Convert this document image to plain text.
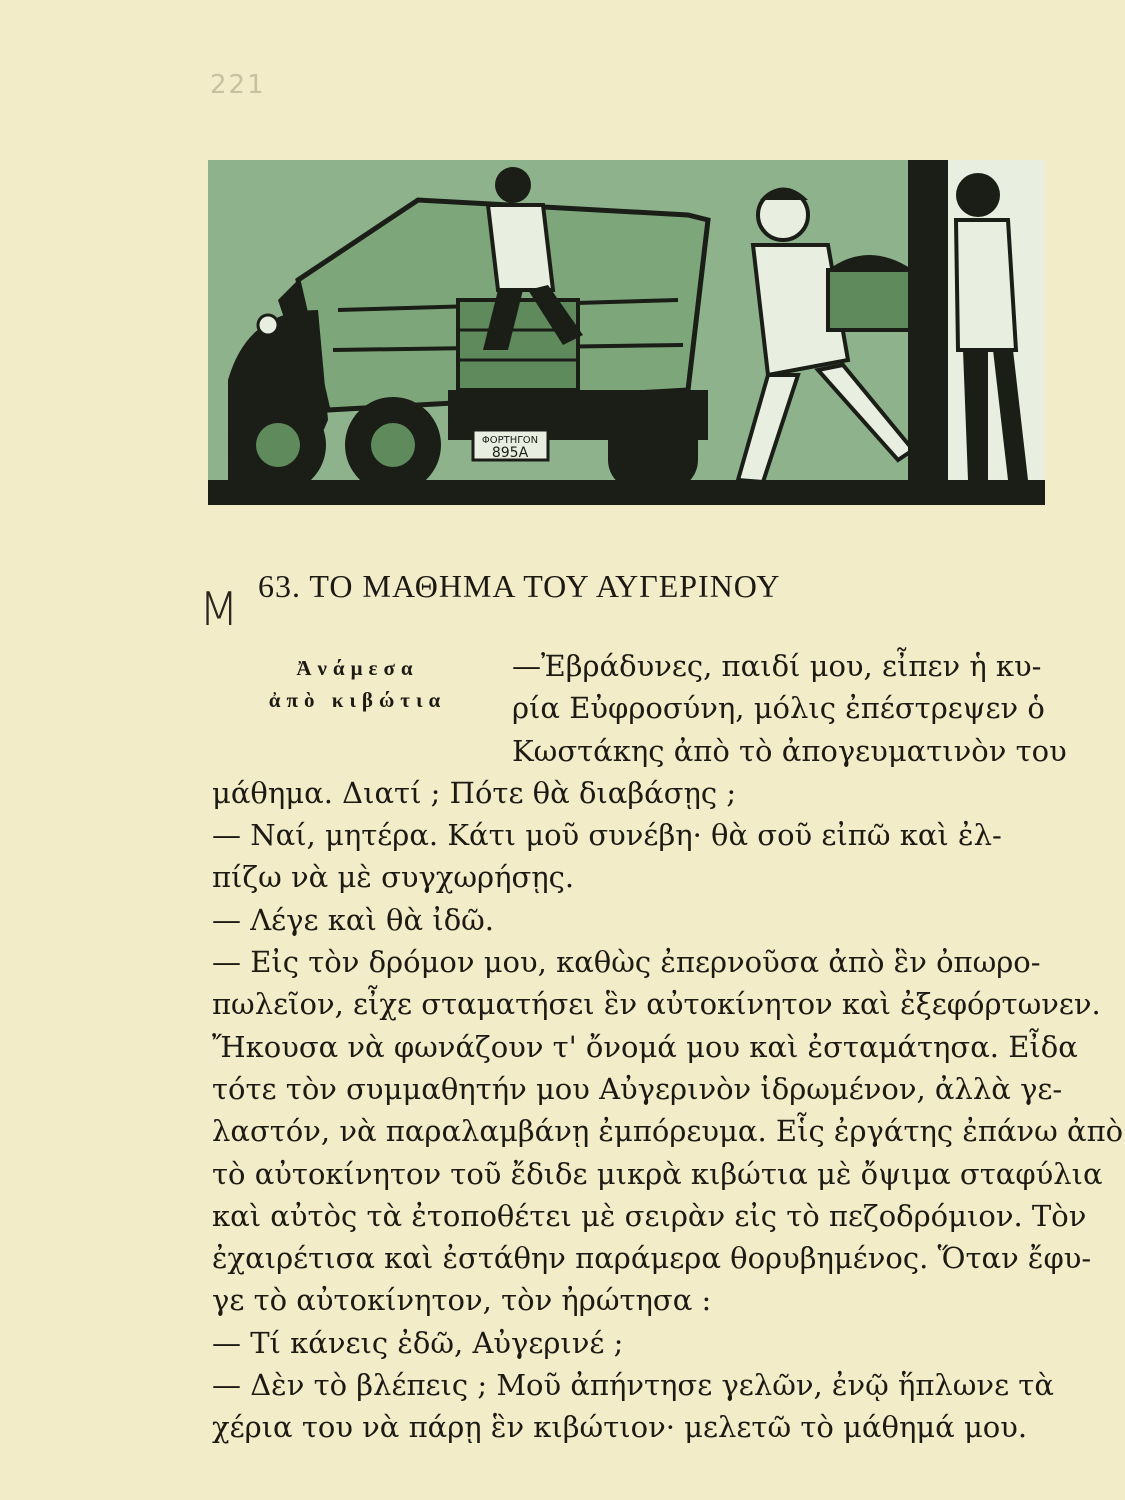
221
ΦΟΡΤΗΓΟΝ
895Α
M 63. ΤΟ ΜΑΘΗΜΑ ΤΟΥ ΑΥΓΕΡΙΝΟΥ
Ἀνάμεσα
ἀπὸ κιβώτια
—Ἐβράδυνες, παιδί μου, εἶπεν ἡ κυ-
ρία Εὐφροσύνη, μόλις ἐπέστρεψεν ὁ
Κωστάκης ἀπὸ τὸ ἀπογευματινὸν του
μάθημα. Διατί ; Πότε θὰ διαβάσῃς ;
— Ναί, μητέρα. Κάτι μοῦ συνέβη· θὰ σοῦ εἰπῶ καὶ ἐλ-
πίζω νὰ μὲ συγχωρήσῃς.
— Λέγε καὶ θὰ ἰδῶ.
— Εἰς τὸν δρόμον μου, καθὼς ἐπερνοῦσα ἀπὸ ἓν ὀπωρο-
πωλεῖον, εἶχε σταματήσει ἓν αὐτοκίνητον καὶ ἐξεφόρτωνεν.
Ἤκουσα νὰ φωνάζουν τ' ὄνομά μου καὶ ἐσταμάτησα. Εἶδα
τότε τὸν συμμαθητήν μου Αὐγερινὸν ἱδρωμένον, ἀλλὰ γε-
λαστόν, νὰ παραλαμβάνῃ ἐμπόρευμα. Εἷς ἐργάτης ἐπάνω ἀπὸ
τὸ αὐτοκίνητον τοῦ ἔδιδε μικρὰ κιβώτια μὲ ὄψιμα σταφύλια
καὶ αὐτὸς τὰ ἐτοποθέτει μὲ σειρὰν εἰς τὸ πεζοδρόμιον. Τὸν
ἐχαιρέτισα καὶ ἐστάθην παράμερα θορυβημένος. Ὅταν ἔφυ-
γε τὸ αὐτοκίνητον, τὸν ἠρώτησα :
— Τί κάνεις ἐδῶ, Αὐγερινέ ;
— Δὲν τὸ βλέπεις ; Μοῦ ἀπήντησε γελῶν, ἐνῷ ἥπλωνε τὰ
χέρια του νὰ πάρῃ ἓν κιβώτιον· μελετῶ τὸ μάθημά μου.
